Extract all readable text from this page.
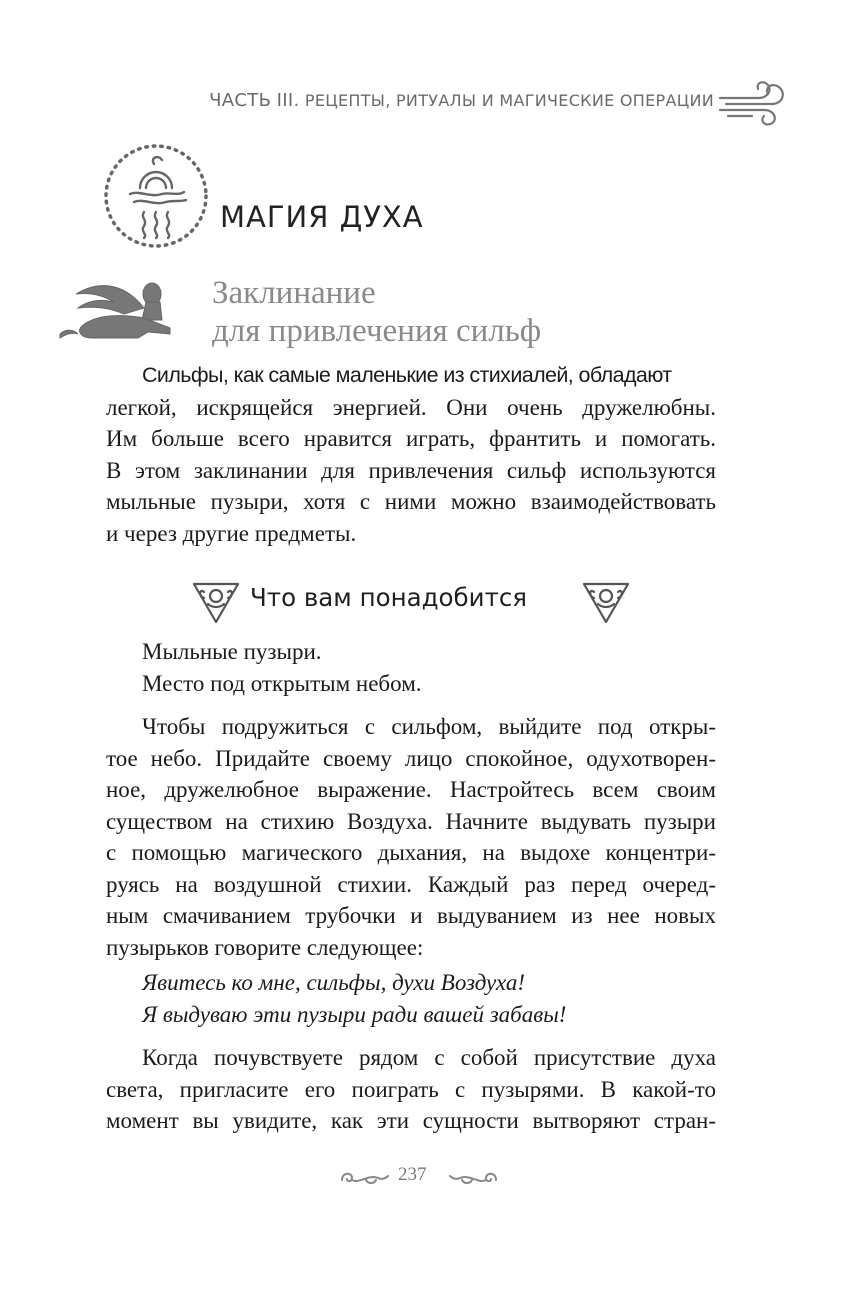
ЧАСТЬ III. РЕЦЕПТЫ, РИТУАЛЫ И МАГИЧЕСКИЕ ОПЕРАЦИИ
МАГИЯ ДУХА
Заклинание
для привлечения сильф
Сильфы, как самые маленькие из стихиалей, обладают
легкой, искрящейся энергией. Они очень дружелюбны.
Им больше всего нравится играть, франтить и помогать.
В этом заклинании для привлечения сильф используются
мыльные пузыри, хотя с ними можно взаимодействовать
и через другие предметы.
Что вам понадобится
Мыльные пузыри.
Место под открытым небом.
Чтобы подружиться с сильфом, выйдите под откры-
тое небо. Придайте своему лицо спокойное, одухотворен-
ное, дружелюбное выражение. Настройтесь всем своим
существом на стихию Воздуха. Начните выдувать пузыри
с помощью магического дыхания, на выдохе концентри-
руясь на воздушной стихии. Каждый раз перед очеред-
ным смачиванием трубочки и выдуванием из нее новых
пузырьков говорите следующее:
Явитесь ко мне, сильфы, духи Воздуха!
Я выдуваю эти пузыри ради вашей забавы!
Когда почувствуете рядом с собой присутствие духа
света, пригласите его поиграть с пузырями. В какой-то
момент вы увидите, как эти сущности вытворяют стран-
237
